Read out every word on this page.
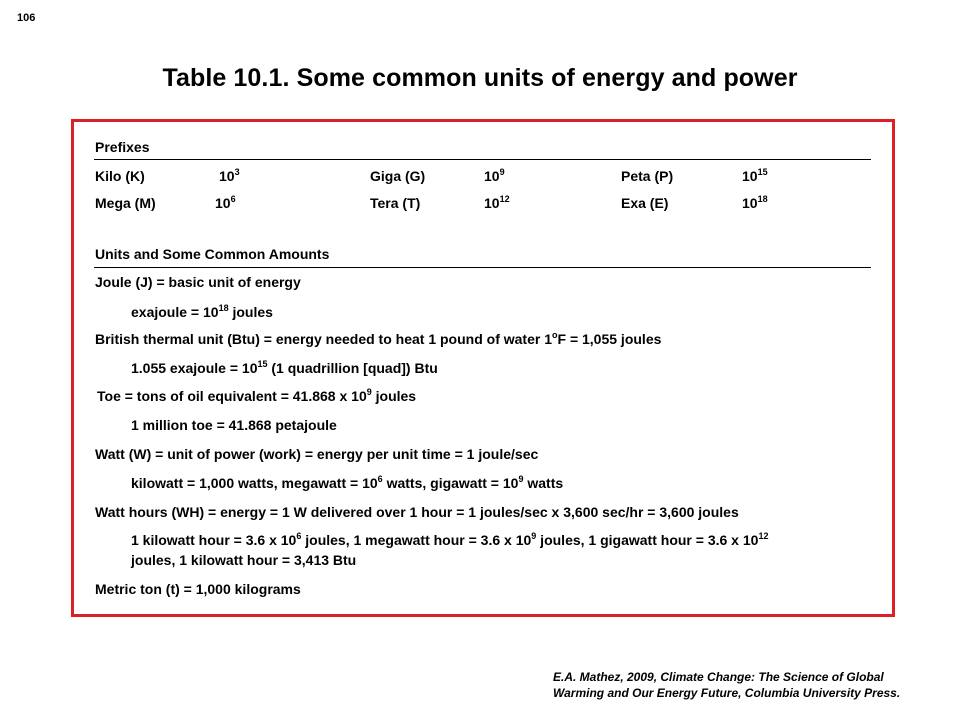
106
Table 10.1. Some common units of energy and power
Prefixes
Kilo (K)	$10^3$	Giga (G)	$10^9$	Peta (P)	$10^{15}$
Mega (M)	$10^6$	Tera (T)	$10^{12}$	Exa (E)	$10^{18}$
Units and Some Common Amounts
Joule (J) = basic unit of energy
exajoule = $10^{18}$ joules
British thermal unit (Btu) = energy needed to heat 1 pound of water $1^oF = 1,055$ joules
1.055 exajoule = $10^{15}$ (1 quadrillion [quad]) Btu
Toe = tons of oil equivalent = 41.868 x $10^9$ joules
1 million toe = 41.868 petajoule
Watt (W) = unit of power (work) = energy per unit time = 1 joule/sec
kilowatt = 1,000 watts, megawatt = $10^6$ watts, gigawatt = $10^9$ watts
Watt hours (WH) = energy = 1 W delivered over 1 hour = 1 joules/sec x 3,600 sec/hr = 3,600 joules
1 kilowatt hour = 3.6 x $10^6$ joules, 1 megawatt hour = 3.6 x $10^9$ joules, 1 gigawatt hour = 3.6 x $10^{12}$
joules, 1 kilowatt hour = 3,413 Btu
Metric ton (t) = 1,000 kilograms
E.A. Mathez, 2009, Climate Change: The Science of Global
Warming and Our Energy Future, Columbia University Press.
